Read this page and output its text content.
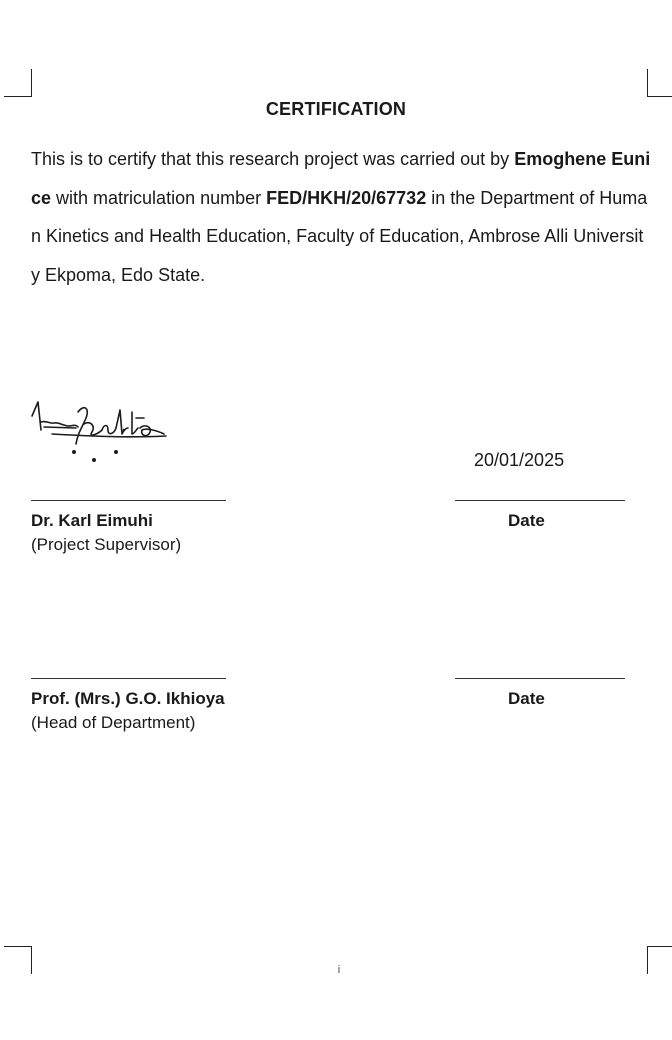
CERTIFICATION
This is to certify that this research project was carried out by Emoghene Eunice with matriculation number FED/HKH/20/67732 in the Department of Human Kinetics and Health Education, Faculty of Education, Ambrose Alli University Ekpoma, Edo State.
20/01/2025
Dr. Karl Eimuhi
(Project Supervisor)
Date
Prof. (Mrs.) G.O. Ikhioya
(Head of Department)
Date
i
